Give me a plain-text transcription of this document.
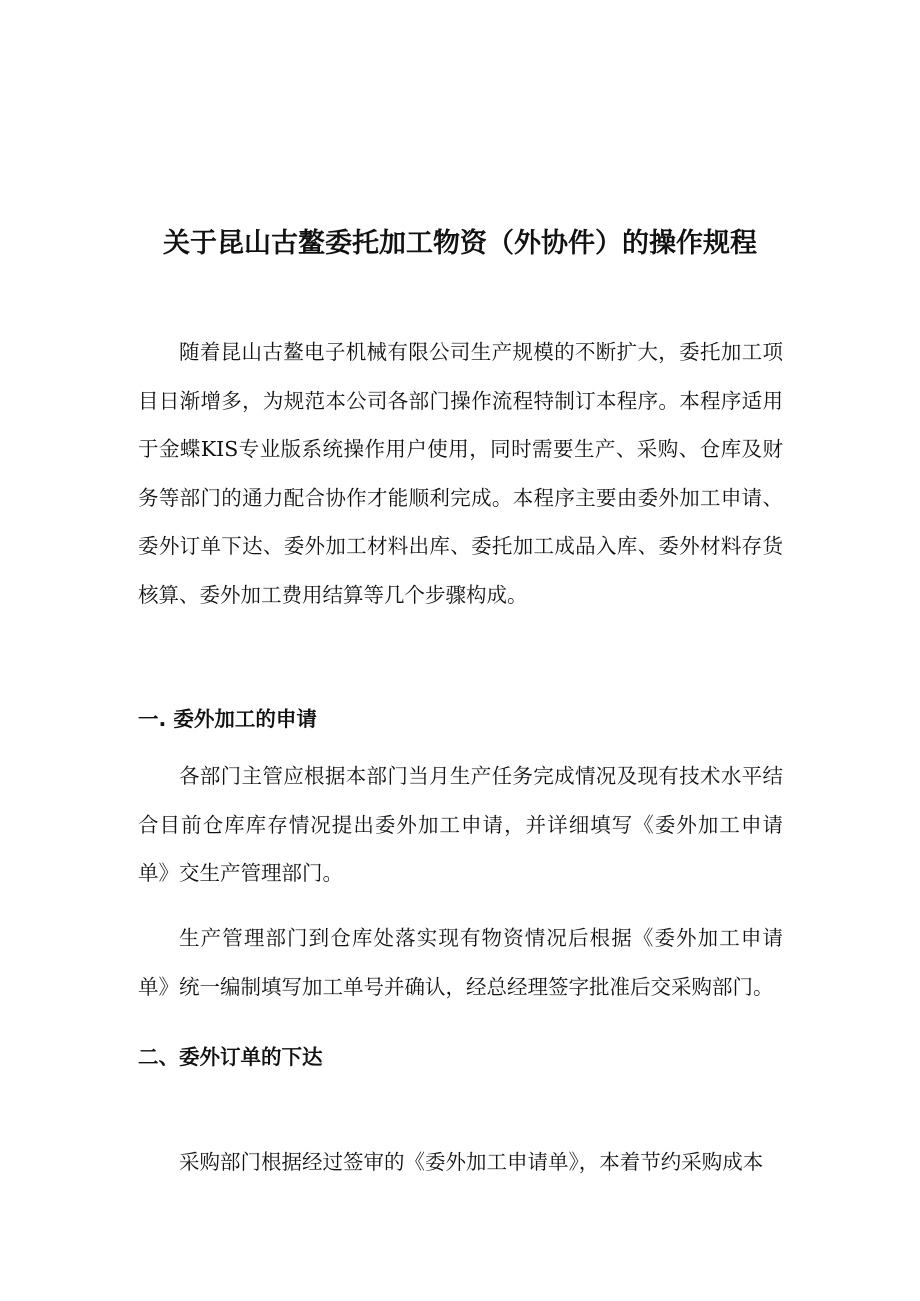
关于昆山古鳌委托加工物资（外协件）的操作规程

随着昆山古鳌电子机械有限公司生产规模的不断扩大，委托加工项目日渐增多，为规范本公司各部门操作流程特制订本程序。本程序适用于金蝶KIS专业版系统操作用户使用，同时需要生产、采购、仓库及财务等部门的通力配合协作才能顺利完成。本程序主要由委外加工申请、委外订单下达、委外加工材料出库、委托加工成品入库、委外材料存货核算、委外加工费用结算等几个步骤构成。

一. 委外加工的申请

各部门主管应根据本部门当月生产任务完成情况及现有技术水平结合目前仓库库存情况提出委外加工申请，并详细填写《委外加工申请单》交生产管理部门。

生产管理部门到仓库处落实现有物资情况后根据《委外加工申请单》统一编制填写加工单号并确认，经总经理签字批准后交采购部门。

二、委外订单的下达

采购部门根据经过签审的《委外加工申请单》，本着节约采购成本
